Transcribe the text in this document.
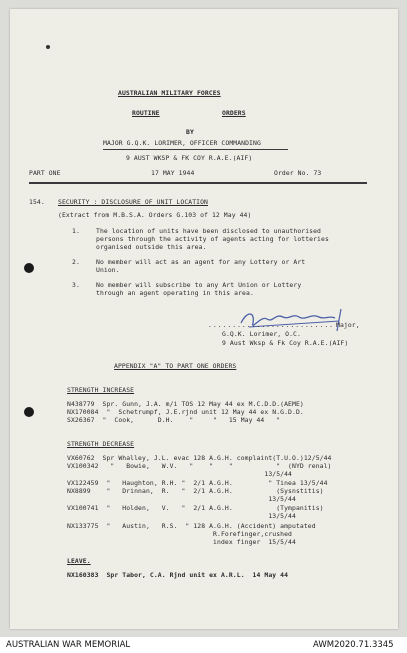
AUSTRALIAN MILITARY FORCES
ROUTINE	ORDERS
BY
MAJOR G.Q.K. LORIMER, OFFICER COMMANDING
9 AUST WKSP & FK COY R.A.E.(AIF)
PART ONE	17 MAY 1944	Order No. 73
154. SECURITY : DISCLOSURE OF UNIT LOCATION
(Extract from M.B.S.A. Orders G.103 of 12 May 44)
1.	The location of units have been disclosed to unauthorised
persons through the activity of agents acting for lotteries
organised outside this area.
2.	No member will act as an agent for any Lottery or Art
Union.
3.	No member will subscribe to any Art Union or Lottery
through an agent operating in this area.
.......................... Major,
G.Q.K. Lorimer, O.C.
9 Aust Wksp & Fk Coy R.A.E.(AIF)
APPENDIX "A" TO PART ONE ORDERS
STRENGTH INCREASE
N438779  Spr. Gunn, J.A. m/i TOS 12 May 44 ex M.C.D.D.(AEME)
NX170084  "  Schetrumpf, J.E.rjnd unit 12 May 44 ex N.G.D.D.
SX26367  "  Cook,      D.H.    "     "   15 May 44   "
STRENGTH DECREASE
VX60762  Spr Whalley, J.L. evac 128 A.G.H. complaint(T.U.O.)12/5/44
VX100342   "   Bowie,   W.V.   "    "    "           "  (NYD renal)
13/5/44
VX122459  "   Haughton, R.H. "  2/1 A.G.H.         " Tinea 13/5/44
NX8899    "   Drinnan,  R.   "  2/1 A.G.H.           (Sysnstitis)
13/5/44
VX100741  "   Holden,   V.   "  2/1 A.G.H.           (Tympanitis)
13/5/44
NX133775  "   Austin,   R.S.  " 128 A.G.H. (Accident) amputated
R.Forefinger,crushed
index finger  15/5/44
LEAVE.
NX160383  Spr Tabor, C.A. Rjnd unit ex A.R.L.  14 May 44
AUSTRALIAN WAR MEMORIAL	AWM2020.71.3345
